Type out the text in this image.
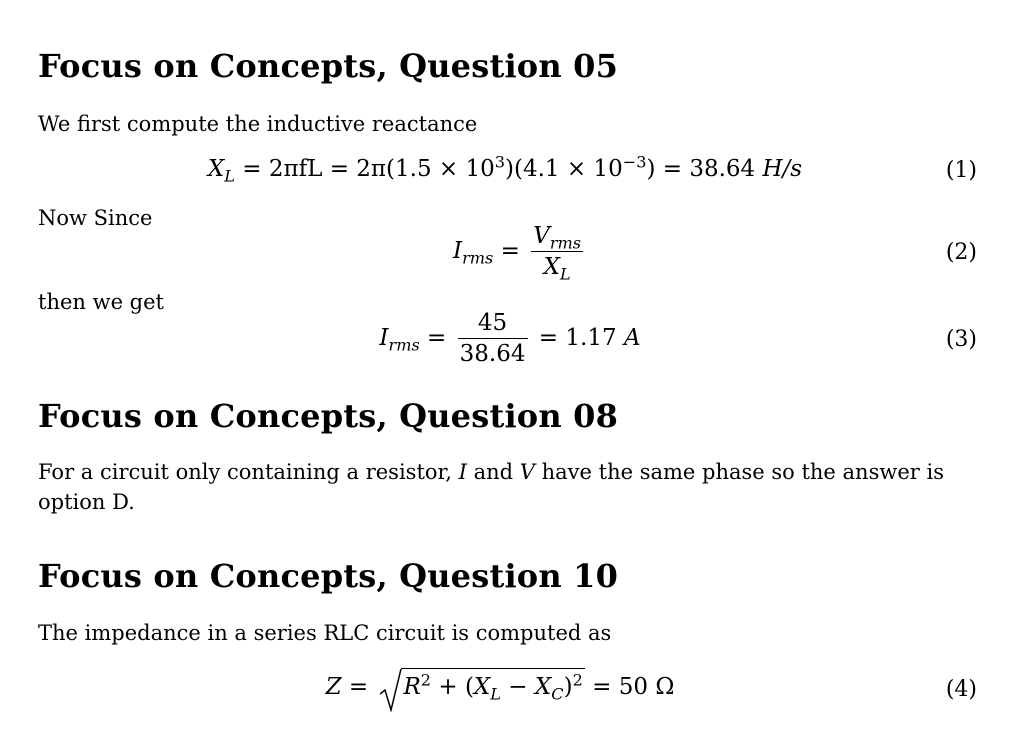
Focus on Concepts, Question 05

We first compute the inductive reactance

$X_L = 2\pi fL = 2\pi(1.5 \times 10^3)(4.1 \times 10^{-3}) = 38.64$ H/s	(1)

Now Since

$I_{rms} = \frac{V_{rms}}{X_L}$	(2)

then we get

$I_{rms} = \frac{45}{38.64} = 1.17$ A	(3)
Focus on Concepts, Question 08

For a circuit only containing a resistor, I and V have the same phase so the answer is option D.

Focus on Concepts, Question 10

The impedance in a series RLC circuit is computed as

Z =
$R^2 + (X_L - X_C)^2 = 50$ Ω	(4)
